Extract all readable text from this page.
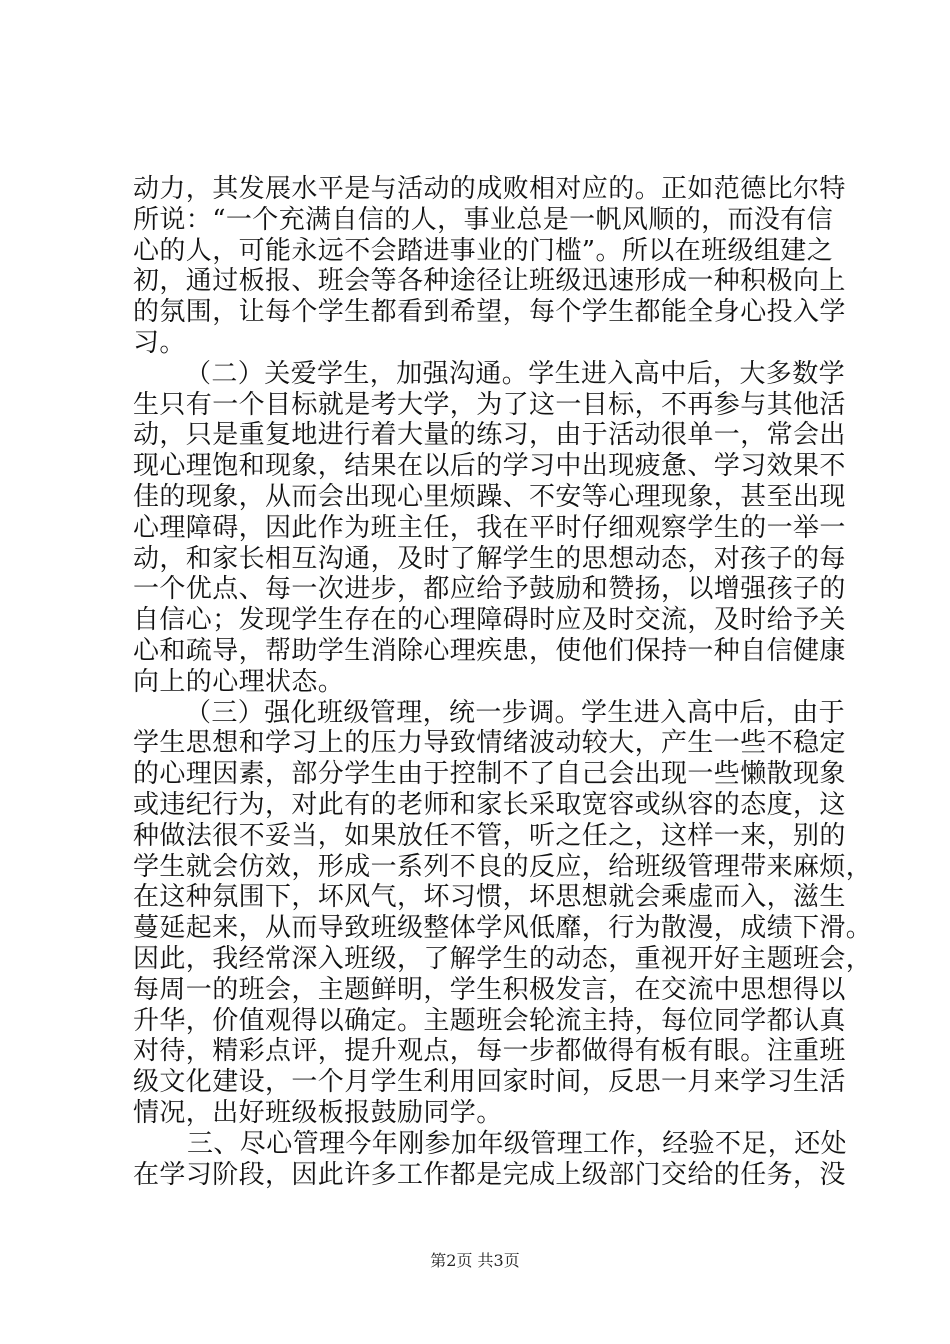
动力，其发展水平是与活动的成败相对应的。正如范德比尔特
所说：“一个充满自信的人，事业总是一帆风顺的，而没有信
心的人，可能永远不会踏进事业的门槛”。所以在班级组建之
初，通过板报、班会等各种途径让班级迅速形成一种积极向上
的氛围，让每个学生都看到希望，每个学生都能全身心投入学
习。
（二）关爱学生，加强沟通。学生进入高中后，大多数学
生只有一个目标就是考大学，为了这一目标，不再参与其他活
动，只是重复地进行着大量的练习，由于活动很单一，常会出
现心理饱和现象，结果在以后的学习中出现疲惫、学习效果不
佳的现象，从而会出现心里烦躁、不安等心理现象，甚至出现
心理障碍，因此作为班主任，我在平时仔细观察学生的一举一
动，和家长相互沟通，及时了解学生的思想动态，对孩子的每
一个优点、每一次进步，都应给予鼓励和赞扬，以增强孩子的
自信心；发现学生存在的心理障碍时应及时交流，及时给予关
心和疏导，帮助学生消除心理疾患，使他们保持一种自信健康
向上的心理状态。
（三）强化班级管理，统一步调。学生进入高中后，由于
学生思想和学习上的压力导致情绪波动较大，产生一些不稳定
的心理因素，部分学生由于控制不了自己会出现一些懒散现象
或违纪行为，对此有的老师和家长采取宽容或纵容的态度，这
种做法很不妥当，如果放任不管，听之任之，这样一来，别的
学生就会仿效，形成一系列不良的反应，给班级管理带来麻烦，
在这种氛围下，坏风气，坏习惯，坏思想就会乘虚而入，滋生
蔓延起来，从而导致班级整体学风低靡，行为散漫，成绩下滑。
因此，我经常深入班级，了解学生的动态，重视开好主题班会，
每周一的班会，主题鲜明，学生积极发言，在交流中思想得以
升华，价值观得以确定。主题班会轮流主持，每位同学都认真
对待，精彩点评，提升观点，每一步都做得有板有眼。注重班
级文化建设，一个月学生利用回家时间，反思一月来学习生活
情况，出好班级板报鼓励同学。
三、尽心管理今年刚参加年级管理工作，经验不足，还处
在学习阶段，因此许多工作都是完成上级部门交给的任务，没
第2页 共3页
